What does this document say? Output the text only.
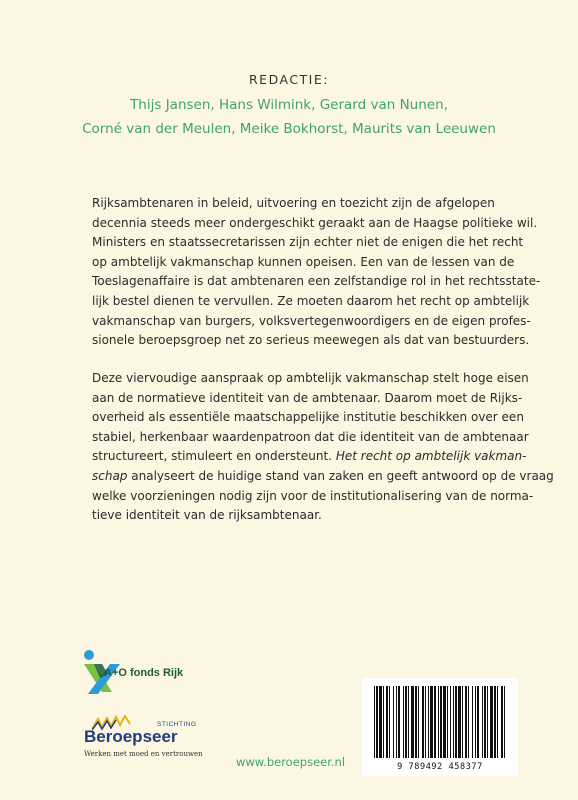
REDACTIE:
Thijs Jansen, Hans Wilmink, Gerard van Nunen,
Corné van der Meulen, Meike Bokhorst, Maurits van Leeuwen
Rijksambtenaren in beleid, uitvoering en toezicht zijn de afgelopen
decennia steeds meer ondergeschikt geraakt aan de Haagse politieke wil.
Ministers en staatssecretarissen zijn echter niet de enigen die het recht
op ambtelijk vakmanschap kunnen opeisen. Een van de lessen van de
Toeslagenaffaire is dat ambtenaren een zelfstandige rol in het rechtsstate-
lijk bestel dienen te vervullen. Ze moeten daarom het recht op ambtelijk
vakmanschap van burgers, volksvertegenwoordigers en de eigen profes-
sionele beroepsgroep net zo serieus meewegen als dat van bestuurders.
Deze viervoudige aanspraak op ambtelijk vakmanschap stelt hoge eisen
aan de normatieve identiteit van de ambtenaar. Daarom moet de Rijks-
overheid als essentiële maatschappelijke institutie beschikken over een
stabiel, herkenbaar waardenpatroon dat die identiteit van de ambtenaar
structureert, stimuleert en ondersteunt. Het recht op ambtelijk vakman-
schap analyseert de huidige stand van zaken en geeft antwoord op de vraag
welke voorzieningen nodig zijn voor de institutionalisering van de norma-
tieve identiteit van de rijksambtenaar.
A+O fonds Rijk
STICHTING
Beroepseer
Werken met moed en vertrouwen
www.beroepseer.nl	9 789492 458377
